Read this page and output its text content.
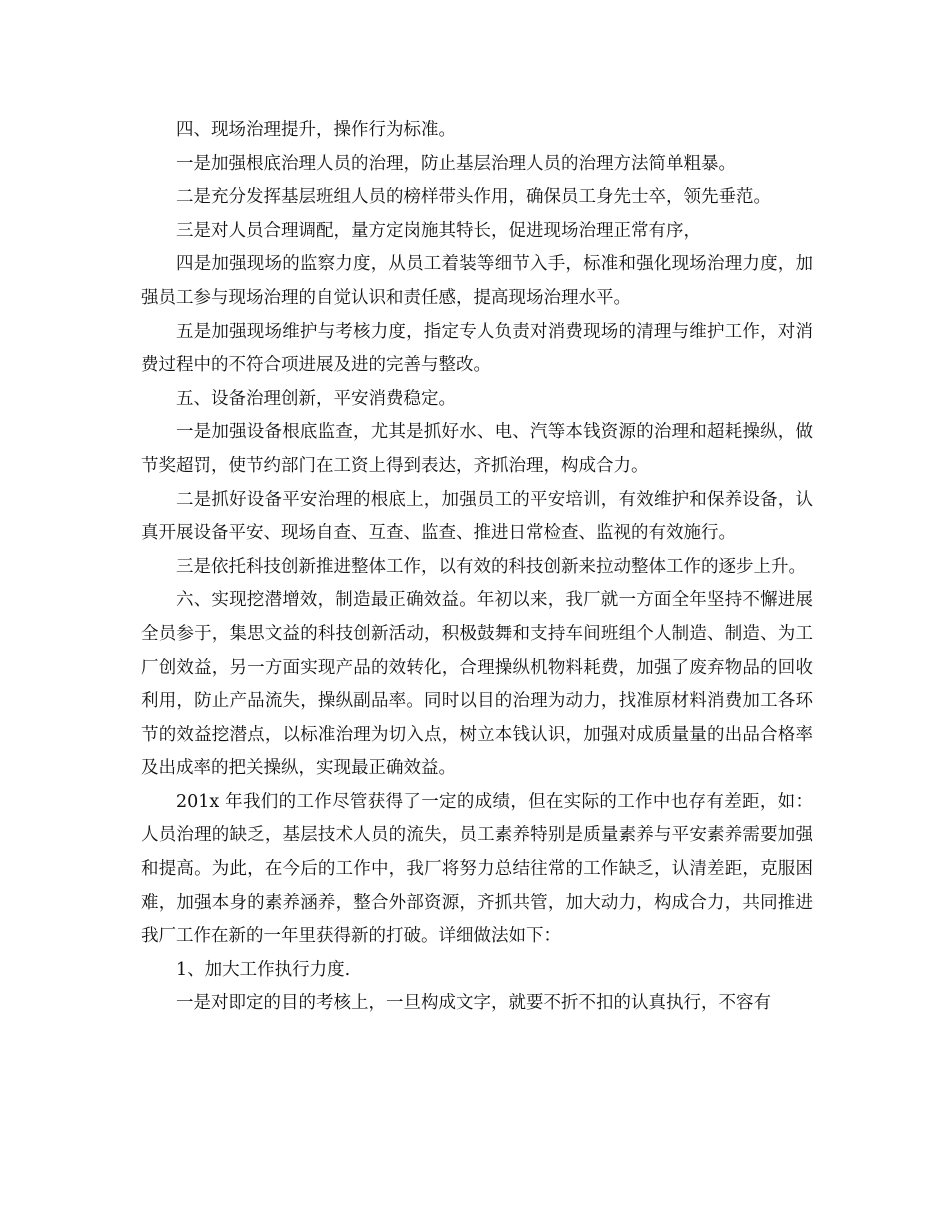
四、现场治理提升，操作行为标准。

一是加强根底治理人员的治理，防止基层治理人员的治理方法简单粗暴。

二是充分发挥基层班组人员的榜样带头作用，确保员工身先士卒，领先垂范。

三是对人员合理调配，量方定岗施其特长，促进现场治理正常有序，

四是加强现场的监察力度，从员工着装等细节入手，标准和强化现场治理力度，加强员工参与现场治理的自觉认识和责任感，提高现场治理水平。

五是加强现场维护与考核力度，指定专人负责对消费现场的清理与维护工作，对消费过程中的不符合项进展及进的完善与整改。

五、设备治理创新，平安消费稳定。

一是加强设备根底监查，尤其是抓好水、电、汽等本钱资源的治理和超耗操纵，做节奖超罚，使节约部门在工资上得到表达，齐抓治理，构成合力。

二是抓好设备平安治理的根底上，加强员工的平安培训，有效维护和保养设备，认真开展设备平安、现场自查、互查、监查、推进日常检查、监视的有效施行。

三是依托科技创新推进整体工作，以有效的科技创新来拉动整体工作的逐步上升。

六、实现挖潜增效，制造最正确效益。年初以来，我厂就一方面全年坚持不懈进展全员参于，集思文益的科技创新活动，积极鼓舞和支持车间班组个人制造、制造、为工厂创效益，另一方面实现产品的效转化，合理操纵机物料耗费，加强了废弃物品的回收利用，防止产品流失，操纵副品率。同时以目的治理为动力，找准原材料消费加工各环节的效益挖潜点，以标准治理为切入点，树立本钱认识，加强对成质量量的出品合格率及出成率的把关操纵，实现最正确效益。

201x 年我们的工作尽管获得了一定的成绩，但在实际的工作中也存有差距，如：人员治理的缺乏，基层技术人员的流失，员工素养特别是质量素养与平安素养需要加强和提高。为此，在今后的工作中，我厂将努力总结往常的工作缺乏，认清差距，克服困难，加强本身的素养涵养，整合外部资源，齐抓共管，加大动力，构成合力，共同推进我厂工作在新的一年里获得新的打破。详细做法如下：

1、加大工作执行力度.

一是对即定的目的考核上，一旦构成文字，就要不折不扣的认真执行，不容有
